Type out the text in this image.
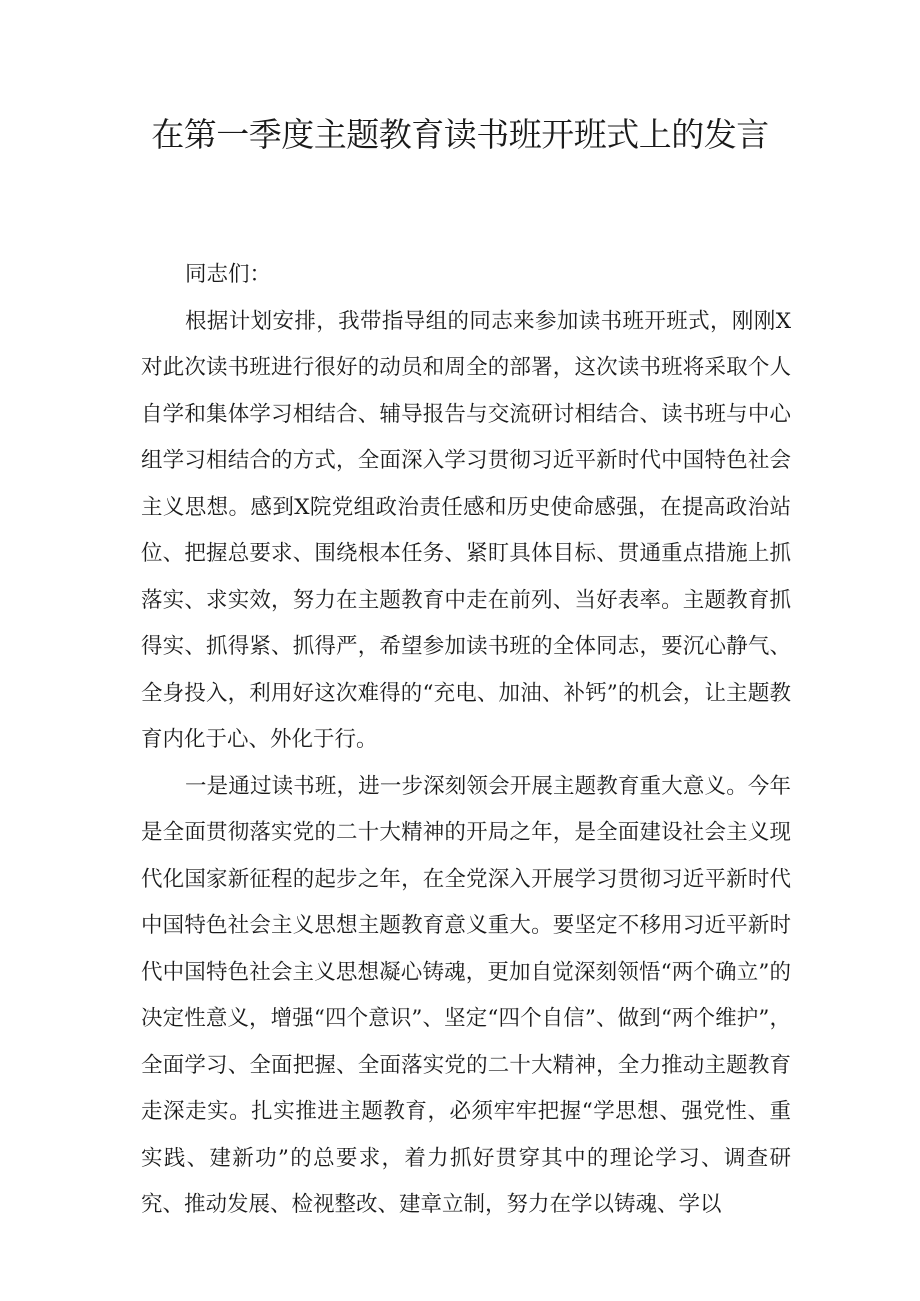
在第一季度主题教育读书班开班式上的发言

同志们：

根据计划安排，我带指导组的同志来参加读书班开班式，刚刚X对此次读书班进行很好的动员和周全的部署，这次读书班将采取个人自学和集体学习相结合、辅导报告与交流研讨相结合、读书班与中心组学习相结合的方式，全面深入学习贯彻习近平新时代中国特色社会主义思想。感到X院党组政治责任感和历史使命感强，在提高政治站位、把握总要求、围绕根本任务、紧盯具体目标、贯通重点措施上抓落实、求实效，努力在主题教育中走在前列、当好表率。主题教育抓得实、抓得紧、抓得严，希望参加读书班的全体同志，要沉心静气、全身投入，利用好这次难得的“充电、加油、补钙”的机会，让主题教育内化于心、外化于行。

一是通过读书班，进一步深刻领会开展主题教育重大意义。今年是全面贯彻落实党的二十大精神的开局之年，是全面建设社会主义现代化国家新征程的起步之年，在全党深入开展学习贯彻习近平新时代中国特色社会主义思想主题教育意义重大。要坚定不移用习近平新时代中国特色社会主义思想凝心铸魂，更加自觉深刻领悟“两个确立”的决定性意义，增强“四个意识”、坚定“四个自信”、做到“两个维护”，全面学习、全面把握、全面落实党的二十大精神，全力推动主题教育走深走实。扎实推进主题教育，必须牢牢把握“学思想、强党性、重实践、建新功”的总要求，着力抓好贯穿其中的理论学习、调查研究、推动发展、检视整改、建章立制，努力在学以铸魂、学以
